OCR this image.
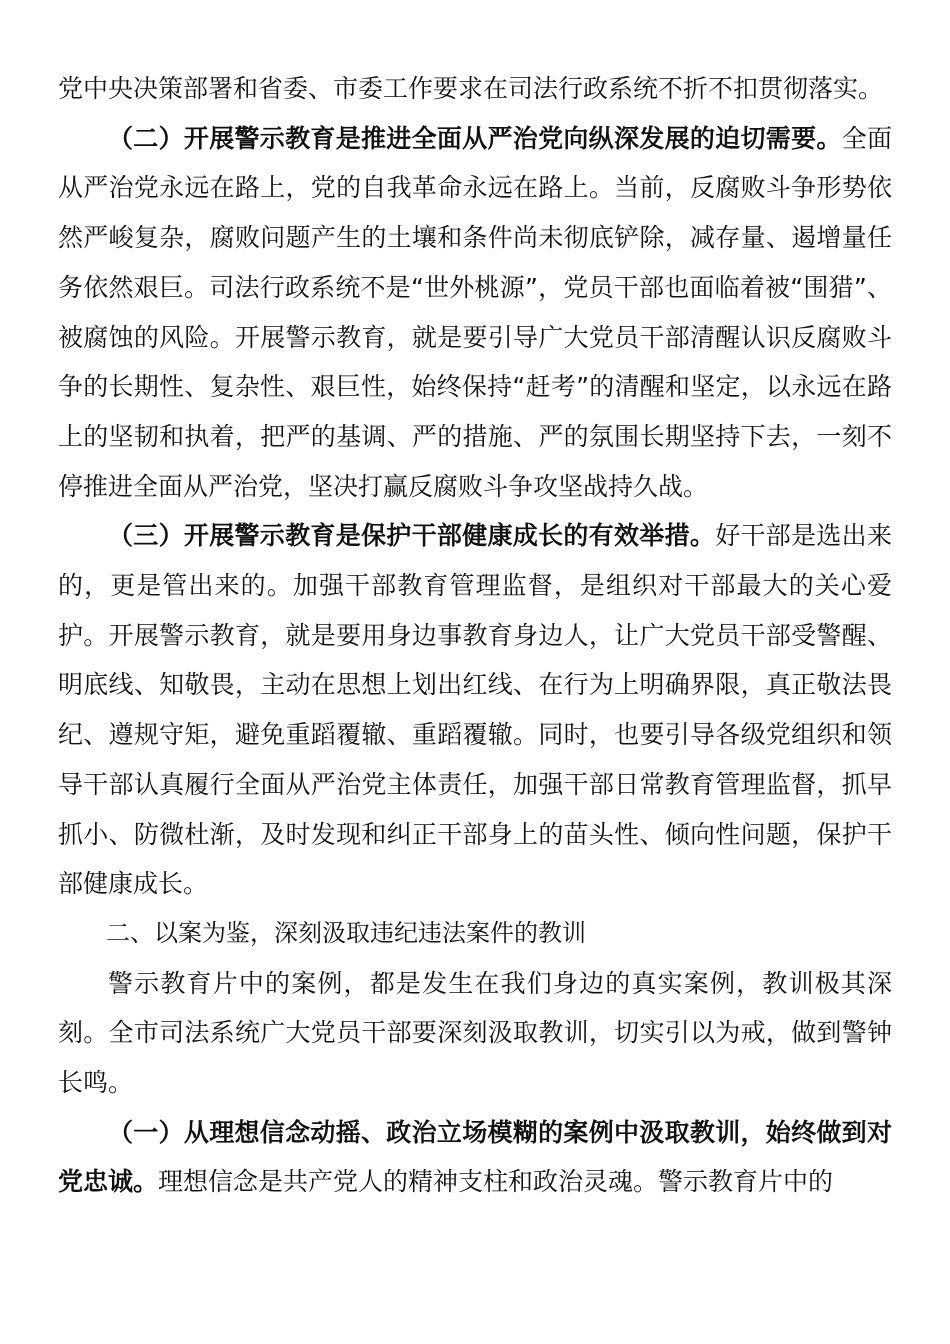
党中央决策部署和省委、市委工作要求在司法行政系统不折不扣贯彻落实。

（二）开展警示教育是推进全面从严治党向纵深发展的迫切需要。全面从严治党永远在路上，党的自我革命永远在路上。当前，反腐败斗争形势依然严峻复杂，腐败问题产生的土壤和条件尚未彻底铲除，减存量、遏增量任务依然艰巨。司法行政系统不是“世外桃源”，党员干部也面临着被“围猎”、被腐蚀的风险。开展警示教育，就是要引导广大党员干部清醒认识反腐败斗争的长期性、复杂性、艰巨性，始终保持“赶考”的清醒和坚定，以永远在路上的坚韧和执着，把严的基调、严的措施、严的氛围长期坚持下去，一刻不停推进全面从严治党，坚决打赢反腐败斗争攻坚战持久战。

（三）开展警示教育是保护干部健康成长的有效举措。好干部是选出来的，更是管出来的。加强干部教育管理监督，是组织对干部最大的关心爱护。开展警示教育，就是要用身边事教育身边人，让广大党员干部受警醒、明底线、知敬畏，主动在思想上划出红线、在行为上明确界限，真正敬法畏纪、遵规守矩，避免重蹈覆辙、重蹈覆辙。同时，也要引导各级党组织和领导干部认真履行全面从严治党主体责任，加强干部日常教育管理监督，抓早抓小、防微杜渐，及时发现和纠正干部身上的苗头性、倾向性问题，保护干部健康成长。

二、以案为鉴，深刻汲取违纪违法案件的教训

警示教育片中的案例，都是发生在我们身边的真实案例，教训极其深刻。全市司法系统广大党员干部要深刻汲取教训，切实引以为戒，做到警钟长鸣。

（一）从理想信念动摇、政治立场模糊的案例中汲取教训，始终做到对党忠诚。理想信念是共产党人的精神支柱和政治灵魂。警示教育片中的
